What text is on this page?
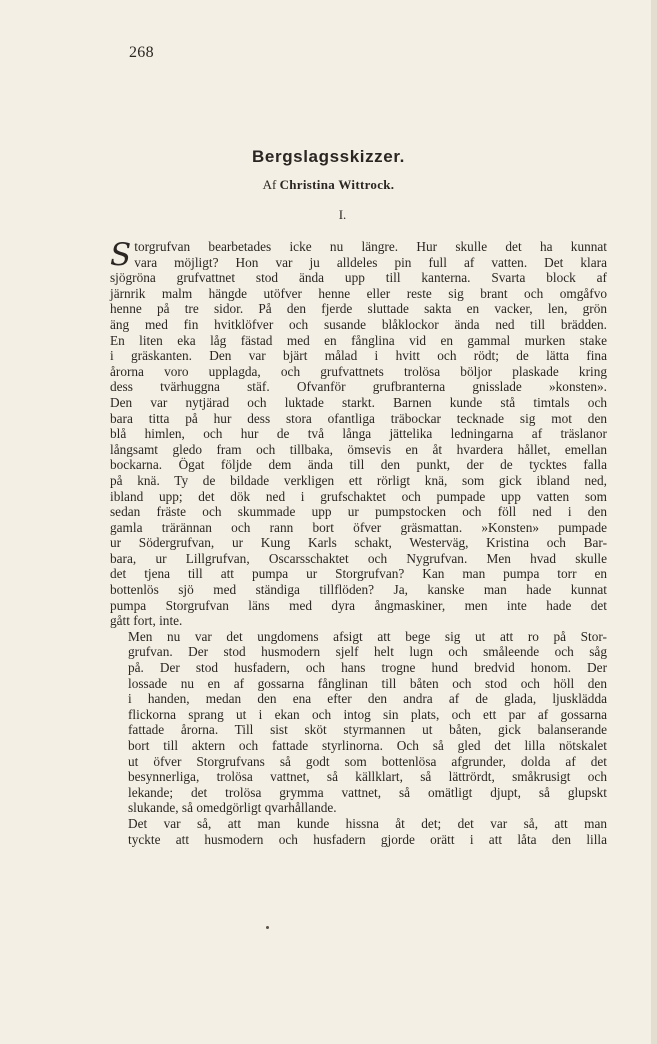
268
Bergslagsskizzer.
Af Christina Wittrock.
I.

S torgrufvan bearbetades icke nu längre. Hur skulle det ha kunnat
vara möjligt? Hon var ju alldeles pin full af vatten. Det klara
sjögröna grufvattnet stod ända upp till kanterna. Svarta block af
järnrik malm hängde utöfver henne eller reste sig brant och omgåfvo
henne på tre sidor. På den fjerde sluttade sakta en vacker, len, grön
äng med fin hvitklöfver och susande blåklockor ända ned till brädden.
En liten eka låg fästad med en fånglina vid en gammal murken stake
i gräskanten. Den var bjärt målad i hvitt och rödt; de lätta fina
årorna voro upplagda, och grufvattnets trolösa böljor plaskade kring
dess tvärhuggna stäf. Ofvanför grufbranterna gnisslade »konsten».
Den var nytjärad och luktade starkt. Barnen kunde stå timtals och
bara titta på hur dess stora ofantliga träbockar tecknade sig mot den
blå himlen, och hur de två långa jättelika ledningarna af träslanor
långsamt gledo fram och tillbaka, ömsevis en åt hvardera hållet, emellan
bockarna. Ögat följde dem ända till den punkt, der de tycktes falla
på knä. Ty de bildade verkligen ett rörligt knä, som gick ibland ned,
ibland upp; det dök ned i grufschaktet och pumpade upp vatten som
sedan fräste och skummade upp ur pumpstocken och föll ned i den
gamla trärännan och rann bort öfver gräsmattan. »Konsten» pumpade
ur Södergrufvan, ur Kung Karls schakt, Westerväg, Kristina och Bar-
bara, ur Lillgrufvan, Oscarsschaktet och Nygrufvan. Men hvad skulle
det tjena till att pumpa ur Storgrufvan? Kan man pumpa torr en
bottenlös sjö med ständiga tillflöden? Ja, kanske man hade kunnat
pumpa Storgrufvan läns med dyra ångmaskiner, men inte hade det
gått fort, inte.

Men nu var det ungdomens afsigt att bege sig ut att ro på Stor-
grufvan. Der stod husmodern sjelf helt lugn och småleende och såg
på. Der stod husfadern, och hans trogne hund bredvid honom. Der
lossade nu en af gossarna fånglinan till båten och stod och höll den
i handen, medan den ena efter den andra af de glada, ljusklädda
flickorna sprang ut i ekan och intog sin plats, och ett par af gossarna
fattade årorna. Till sist sköt styrmannen ut båten, gick balanserande
bort till aktern och fattade styrlinorna. Och så gled det lilla nötskalet
ut öfver Storgrufvans så godt som bottenlösa afgrunder, dolda af det
besynnerliga, trolösa vattnet, så källklart, så lättrördt, småkrusigt och
lekande; det trolösa grymma vattnet, så omätligt djupt, så glupskt
slukande, så omedgörligt qvarhållande.

Det var så, att man kunde hissna åt det; det var så, att man
tyckte att husmodern och husfadern gjorde orätt i att låta den lilla
